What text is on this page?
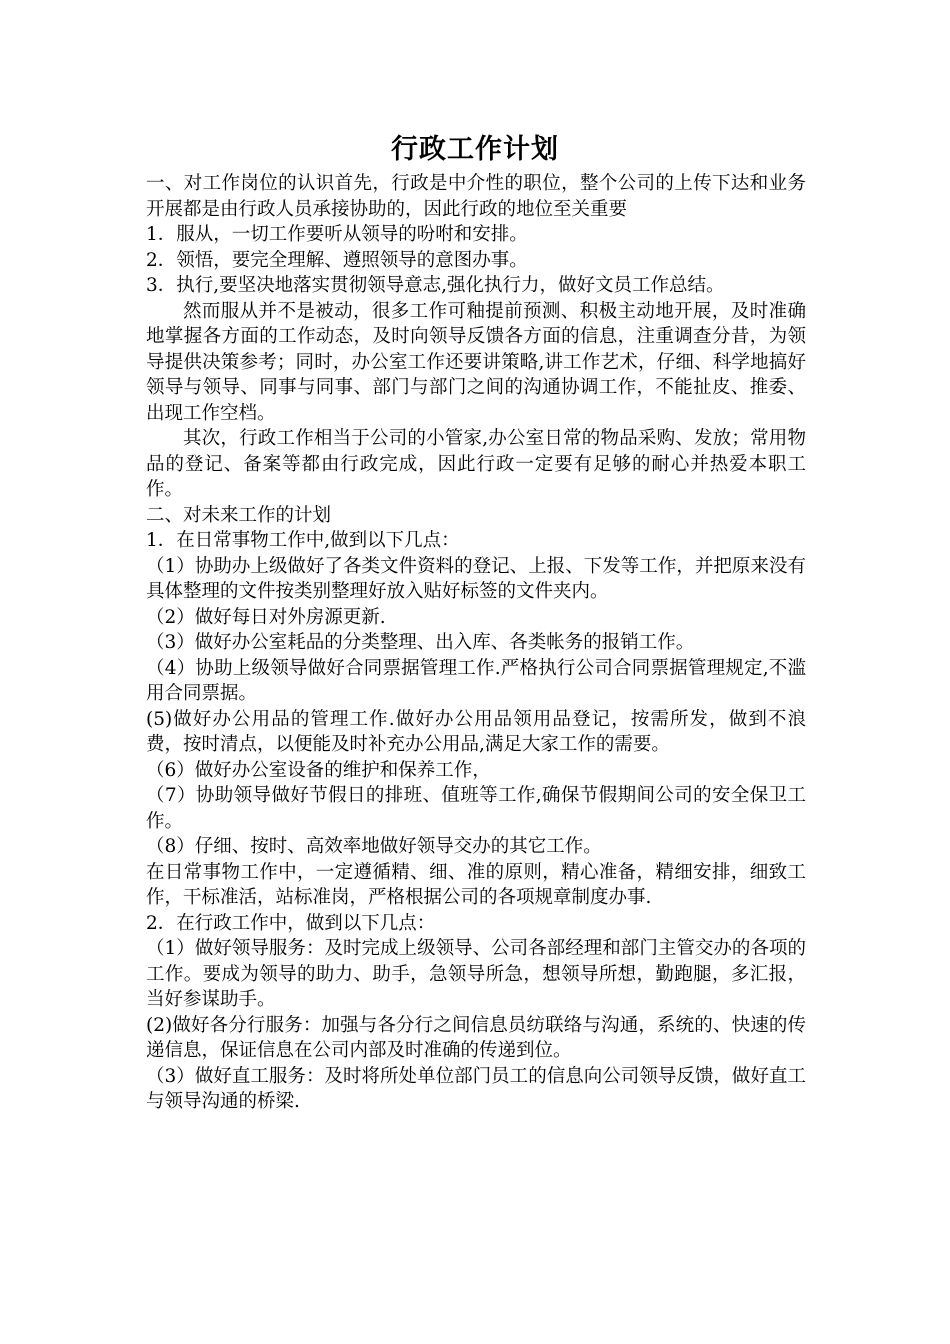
行政工作计划

一、对工作岗位的认识首先，行政是中介性的职位，整个公司的上传下达和业务开展都是由行政人员承接协助的，因此行政的地位至关重要

1．服从，一切工作要听从领导的吩咐和安排。

2．领悟，要完全理解、遵照领导的意图办事。

3．执行,要坚决地落实贯彻领导意志,强化执行力，做好文员工作总结。

然而服从并不是被动，很多工作可釉提前预测、积极主动地开展，及时准确地掌握各方面的工作动态，及时向领导反馈各方面的信息，注重调查分昔，为领导提供决策参考；同时，办公室工作还要讲策略,讲工作艺术，仔细、科学地搞好领导与领导、同事与同事、部门与部门之间的沟通协调工作，不能扯皮、推委、出现工作空档。

其次，行政工作相当于公司的小管家,办公室日常的物品采购、发放；常用物品的登记、备案等都由行政完成，因此行政一定要有足够的耐心并热爱本职工作。

二、对未来工作的计划

1．在日常事物工作中,做到以下几点：

（1）协助办上级做好了各类文件资料的登记、上报、下发等工作，并把原来没有具体整理的文件按类别整理好放入贴好标签的文件夹内。

（2）做好每日对外房源更新.

（3）做好办公室耗品的分类整理、出入库、各类帐务的报销工作。

（4）协助上级领导做好合同票据管理工作.严格执行公司合同票据管理规定,不滥用合同票据。

(5)做好办公用品的管理工作.做好办公用品领用品登记，按需所发，做到不浪费，按时清点，以便能及时补充办公用品,满足大家工作的需要。

（6）做好办公室设备的维护和保养工作，

（7）协助领导做好节假日的排班、值班等工作,确保节假期间公司的安全保卫工作。

（8）仔细、按时、高效率地做好领导交办的其它工作。

在日常事物工作中，一定遵循精、细、准的原则，精心准备，精细安排，细致工作，干标准活，站标准岗，严格根据公司的各项规章制度办事.

2．在行政工作中，做到以下几点：

（1）做好领导服务：及时完成上级领导、公司各部经理和部门主管交办的各项的工作。要成为领导的助力、助手，急领导所急，想领导所想，勤跑腿，多汇报，当好参谋助手。

(2)做好各分行服务：加强与各分行之间信息员纺联络与沟通，系统的、快速的传递信息，保证信息在公司内部及时准确的传递到位。

（3）做好直工服务：及时将所处单位部门员工的信息向公司领导反馈，做好直工与领导沟通的桥梁.
